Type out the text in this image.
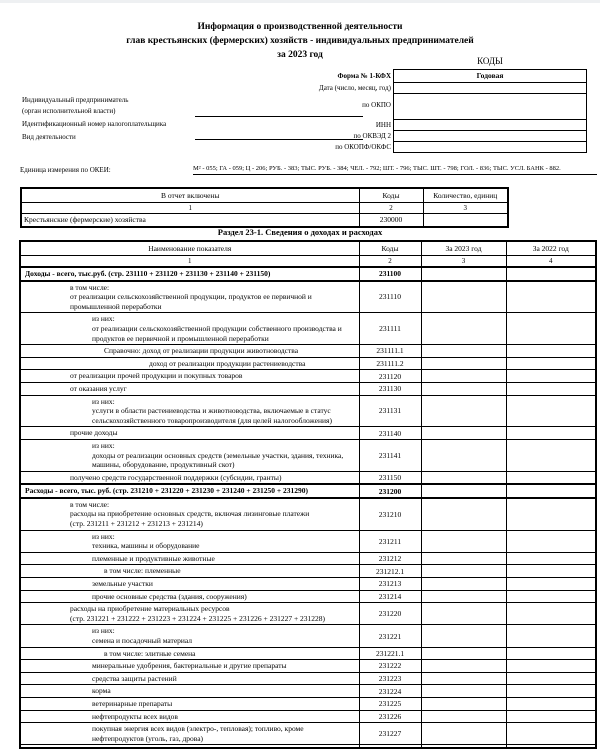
Информация о производственной деятельности
глав крестьянских (фермерских) хозяйств - индивидуальных предпринимателей
за 2023 год
КОДЫ
Годовая
Форма № 1-КФХ
Дата (число, месяц, год)
по ОКПО
ИНН
по ОКВЭД 2
по ОКОПФ/ОКФС
Индивидуальный предприниматель
(орган исполнительной власти)
Идентификационный номер налогоплательщика
Вид деятельности
Единица измерения по ОКЕИ:	М² - 055; ГА - 059; Ц - 206; РУБ. - 383; ТЫС. РУБ. - 384; ЧЕЛ. - 792; ШТ. - 796; ТЫС. ШТ. - 798; ГОЛ. - 836; ТЫС. УСЛ. БАНК - 882.
В отчет включены	Коды	Количество, единиц
1	2	3
Крестьянские (фермерские) хозяйства	230000	
Раздел 23-1. Сведения о доходах и расходах
Наименование показателя	Коды	За 2023 год	За 2022 год
1	2	3	4

Доходы - всего, тыс.руб. (стр. 231110 + 231120 + 231130 + 231140 + 231150)	231100		

в том числе:
от реализации сельскохозяйственной продукции, продуктов ее первичной и промышленной переработки	231110		

из них:
от реализации сельскохозяйственной продукции собственного производства и продуктов ее первичной и промышленной переработки	231111		

Справочно: доход от реализации продукции животноводства	231111.1		

доход от реализации продукции растениеводства	231111.2		

от реализации прочей продукции и покупных товаров	231120		

от оказания услуг	231130		

из них:
услуги в области растениеводства и животноводства, включаемые в статус сельскохозяйственного товаропроизводителя (для целей налогообложения)	231131		

прочие доходы	231140		

из них:
доходы от реализации основных средств (земельные участки, здания, техника, машины, оборудование, продуктивный скот)	231141		

получено средств государственной поддержки (субсидии, гранты)	231150		

Расходы - всего, тыс. руб. (стр. 231210 + 231220 + 231230 + 231240 + 231250 + 231290)	231200		

в том числе:
расходы на приобретение основных средств, включая лизинговые платежи
(стр. 231211 + 231212 + 231213 + 231214)	231210		

из них:
техника, машины и оборудование	231211		

племенные и продуктивные животные	231212		

в том числе: племенные	231212.1		

земельные участки	231213		

прочие основные средства (здания, сооружения)	231214		

расходы на приобретение материальных ресурсов
(стр. 231221 + 231222 + 231223 + 231224 + 231225 + 231226 + 231227 + 231228)	231220		

из них:
семена и посадочный материал	231221		

в том числе: элитные семена	231221.1		

минеральные удобрения, бактериальные и другие препараты	231222		

средства защиты растений	231223		

корма	231224		

ветеринарные препараты	231225		

нефтепродукты всех видов	231226		

покупная энергия всех видов (электро-, тепловая); топливо, кроме нефтепродуктов (уголь, газ, дрова)	231227		
